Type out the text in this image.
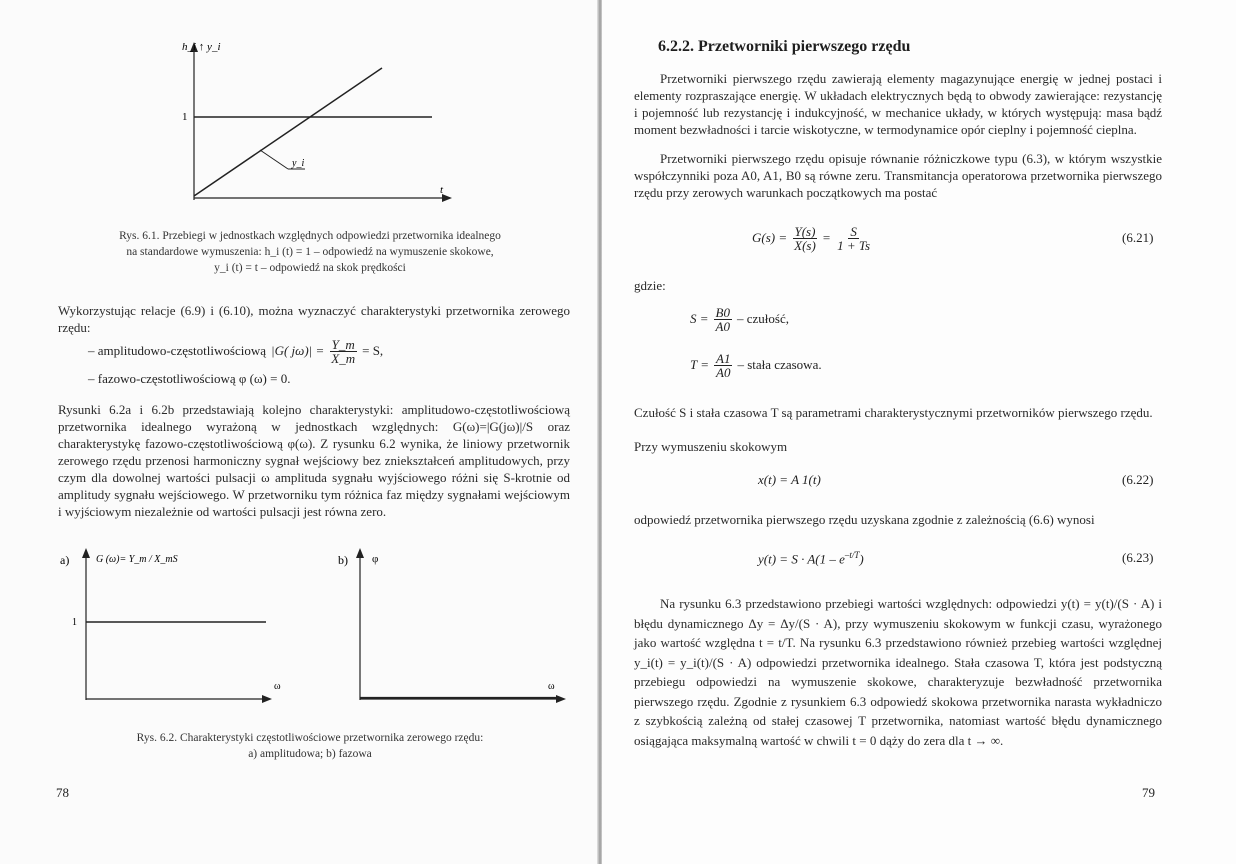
h_i ↑ y_i
1
y_i
t
Rys. 6.1. Przebiegi w jednostkach względnych odpowiedzi przetwornika idealnego
na standardowe wymuszenia: h_i (t) = 1 – odpowiedź na wymuszenie skokowe,
y_i (t) = t – odpowiedź na skok prędkości
Wykorzystując relacje (6.9) i (6.10), można wyznaczyć charakterystyki przetwornika zerowego rzędu:
– amplitudowo-częstotliwościową |G( $j\omega)| = \frac{Y\_m}{X\_m} = S$,
– fazowo-częstotliwościową φ (ω) = 0.
Rysunki 6.2a i 6.2b przedstawiają kolejno charakterystyki: amplitudowo-częstotliwościową przetwornika idealnego wyrażoną w jednostkach względnych: G(ω)=|G(jω)|/S oraz charakterystykę fazowo-częstotliwościową φ(ω). Z rysunku 6.2 wynika, że liniowy przetwornik zerowego rzędu przenosi harmoniczny sygnał wejściowy bez zniekształceń amplitudowych, przy czym dla dowolnej wartości pulsacji ω amplituda sygnału wyjściowego różni się S-krotnie od amplitudy sygnału wejściowego. W przetworniku tym różnica faz między sygnałami wejściowym i wyjściowym niezależnie od wartości pulsacji jest równa zero.
a)	G (ω)= Y_m / X_mS
1
ω
b) φ
ω
Rys. 6.2. Charakterystyki częstotliwościowe przetwornika zerowego rzędu:
a) amplitudowa; b) fazowa
78
6.2.2. Przetworniki pierwszego rzędu
Przetworniki pierwszego rzędu zawierają elementy magazynujące energię w jednej postaci i elementy rozpraszające energię. W układach elektrycznych będą to obwody zawierające: rezystancję i pojemność lub rezystancję i indukcyjność, w mechanice układy, w których występują: masa bądź moment bezwładności i tarcie wiskotyczne, w termodynamice opór cieplny i pojemność cieplna.
Przetworniki pierwszego rzędu opisuje równanie różniczkowe typu (6.3), w którym wszystkie współczynniki poza A0, A1, B0 są równe zeru. Transmitancja operatorowa przetwornika pierwszego rzędu przy zerowych warunkach początkowych ma postać
$G(s) = \frac{Y(s)}{X(s)} = \frac{S}{1 + Ts}$	(6.21)
gdzie:
$S = \frac{B0}{A0}$ – czułość,
$T = \frac{A1}{A0}$ – stała czasowa.
Czułość S i stała czasowa T są parametrami charakterystycznymi przetworników pierwszego rzędu.
Przy wymuszeniu skokowym
x(t) = A 1(t)	(6.22)
odpowiedź przetwornika pierwszego rzędu uzyskana zgodnie z zależnością (6.6) wynosi
$y(t) = S \cdot A(1 - e^{-t/T})$	(6.23)
Na rysunku 6.3 przedstawiono przebiegi wartości względnych: odpowiedzi y(t) = y(t)/(S · A) i błędu dynamicznego Δy = Δy/(S · A), przy wymuszeniu skokowym w funkcji czasu, wyrażonego jako wartość względna t = t/T. Na rysunku 6.3 przedstawiono również przebieg wartości względnej y_i(t) = y_i(t)/(S · A) odpowiedzi przetwornika idealnego. Stała czasowa T, która jest podstyczną przebiegu odpowiedzi na wymuszenie skokowe, charakteryzuje bezwładność przetwornika pierwszego rzędu. Zgodnie z rysunkiem 6.3 odpowiedź skokowa przetwornika narasta wykładniczo z szybkością zależną od stałej czasowej T przetwornika, natomiast wartość błędu dynamicznego osiągająca maksymalną wartość w chwili t = 0 dąży do zera dla t → ∞.
79
